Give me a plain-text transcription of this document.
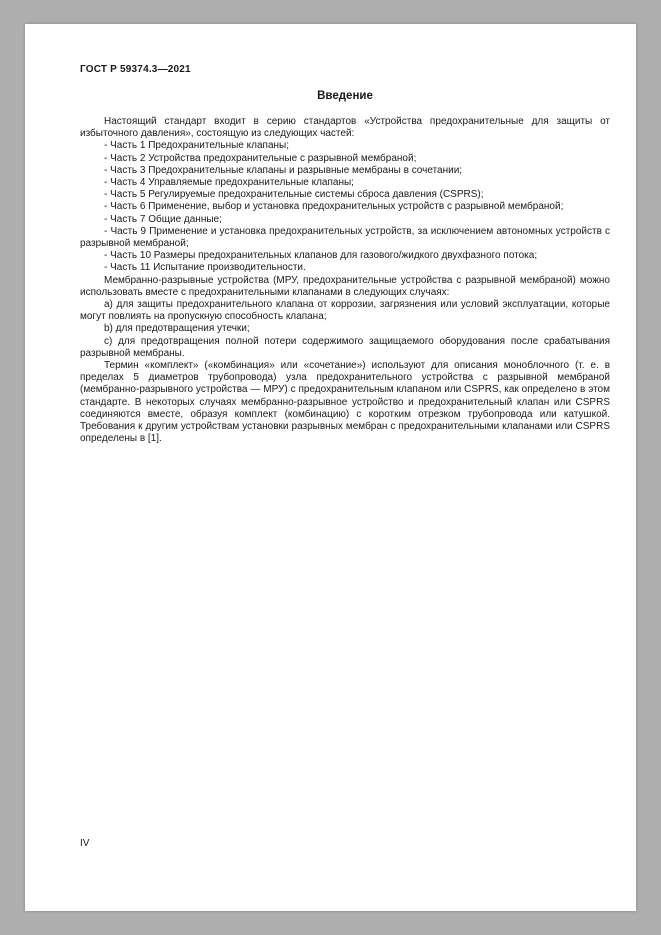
ГОСТ Р 59374.3—2021
Введение

Настоящий стандарт входит в серию стандартов «Устройства предохранительные для защиты от избыточного давления», состоящую из следующих частей:

- Часть 1 Предохранительные клапаны;

- Часть 2 Устройства предохранительные с разрывной мембраной;

- Часть 3 Предохранительные клапаны и разрывные мембраны в сочетании;

- Часть 4 Управляемые предохранительные клапаны;

- Часть 5 Регулируемые предохранительные системы сброса давления (CSPRS);

- Часть 6 Применение, выбор и установка предохранительных устройств с разрывной мембраной;

- Часть 7 Общие данные;

- Часть 9 Применение и установка предохранительных устройств, за исключением автономных устройств с разрывной мембраной;

- Часть 10 Размеры предохранительных клапанов для газового/жидкого двухфазного потока;

- Часть 11 Испытание производительности.

Мембранно-разрывные устройства (МРУ, предохранительные устройства с разрывной мембраной) можно использовать вместе с предохранительными клапанами в следующих случаях:

а) для защиты предохранительного клапана от коррозии, загрязнения или условий эксплуатации, которые могут повлиять на пропускную способность клапана;

b) для предотвращения утечки;

с) для предотвращения полной потери содержимого защищаемого оборудования после срабатывания разрывной мембраны.

Термин «комплект» («комбинация» или «сочетание») используют для описания моноблочного (т. е. в пределах 5 диаметров трубопровода) узла предохранительного устройства с разрывной мембраной (мембранно-разрывного устройства — МРУ) с предохранительным клапаном или CSPRS, как определено в этом стандарте. В некоторых случаях мембранно-разрывное устройство и предохранительный клапан или CSPRS соединяются вместе, образуя комплект (комбинацию) с коротким отрезком трубопровода или катушкой. Требования к другим устройствам установки разрывных мембран с предохранительными клапанами или CSPRS определены в [1].

IV
